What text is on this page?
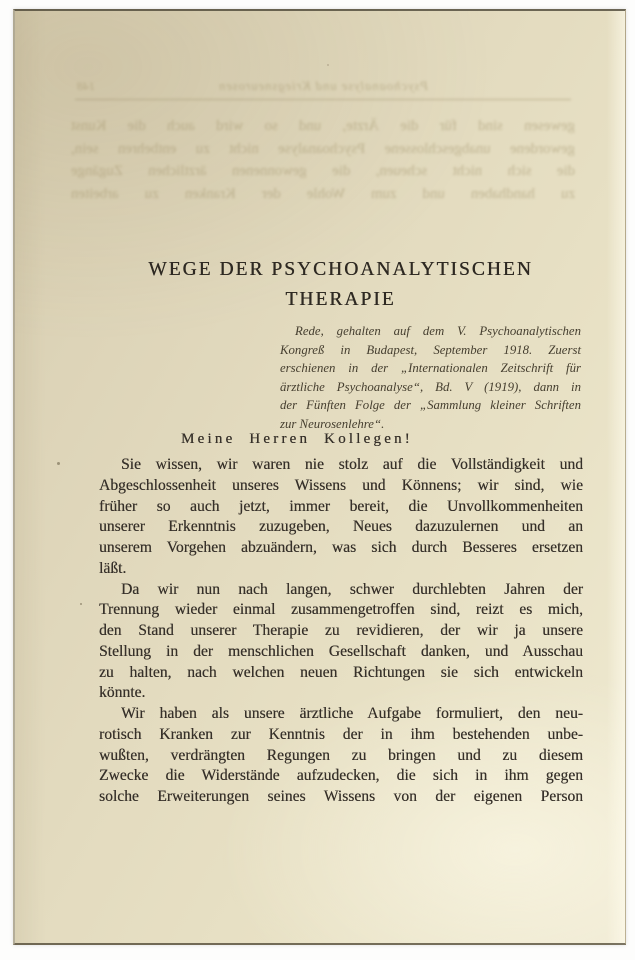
148	Psychoanalyse und Kriegsneurosen
gewesen sind für die Ärzte, und so wird auch die Kunst
gewordene unabgeschlossene Psychoanalyse nicht zu entbehren sein,
die sich nicht scheuen, die gewonnenen ärztlichen Zugänge
zu handhaben und zum Wohle der Kranken zu arbeiten
WEGE DER PSYCHOANALYTISCHEN
THERAPIE
Rede, gehalten auf dem V. Psychoanalytischen
Kongreß in Budapest, September 1918. Zuerst
erschienen in der „Internationalen Zeitschrift für
ärztliche Psychoanalyse“, Bd. V (1919), dann in
der Fünften Folge der „Sammlung kleiner Schriften
zur Neurosenlehre“.
Meine Herren Kollegen!
Sie wissen, wir waren nie stolz auf die Vollständigkeit und
Abgeschlossenheit unseres Wissens und Könnens; wir sind, wie
früher so auch jetzt, immer bereit, die Unvollkommenheiten
unserer Erkenntnis zuzugeben, Neues dazuzulernen und an
unserem Vorgehen abzuändern, was sich durch Besseres ersetzen
läßt.
Da wir nun nach langen, schwer durchlebten Jahren der
Trennung wieder einmal zusammengetroffen sind, reizt es mich,
den Stand unserer Therapie zu revidieren, der wir ja unsere
Stellung in der menschlichen Gesellschaft danken, und Ausschau
zu halten, nach welchen neuen Richtungen sie sich entwickeln
könnte.
Wir haben als unsere ärztliche Aufgabe formuliert, den neu-
rotisch Kranken zur Kenntnis der in ihm bestehenden unbe-
wußten, verdrängten Regungen zu bringen und zu diesem
Zwecke die Widerstände aufzudecken, die sich in ihm gegen
solche Erweiterungen seines Wissens von der eigenen Person
